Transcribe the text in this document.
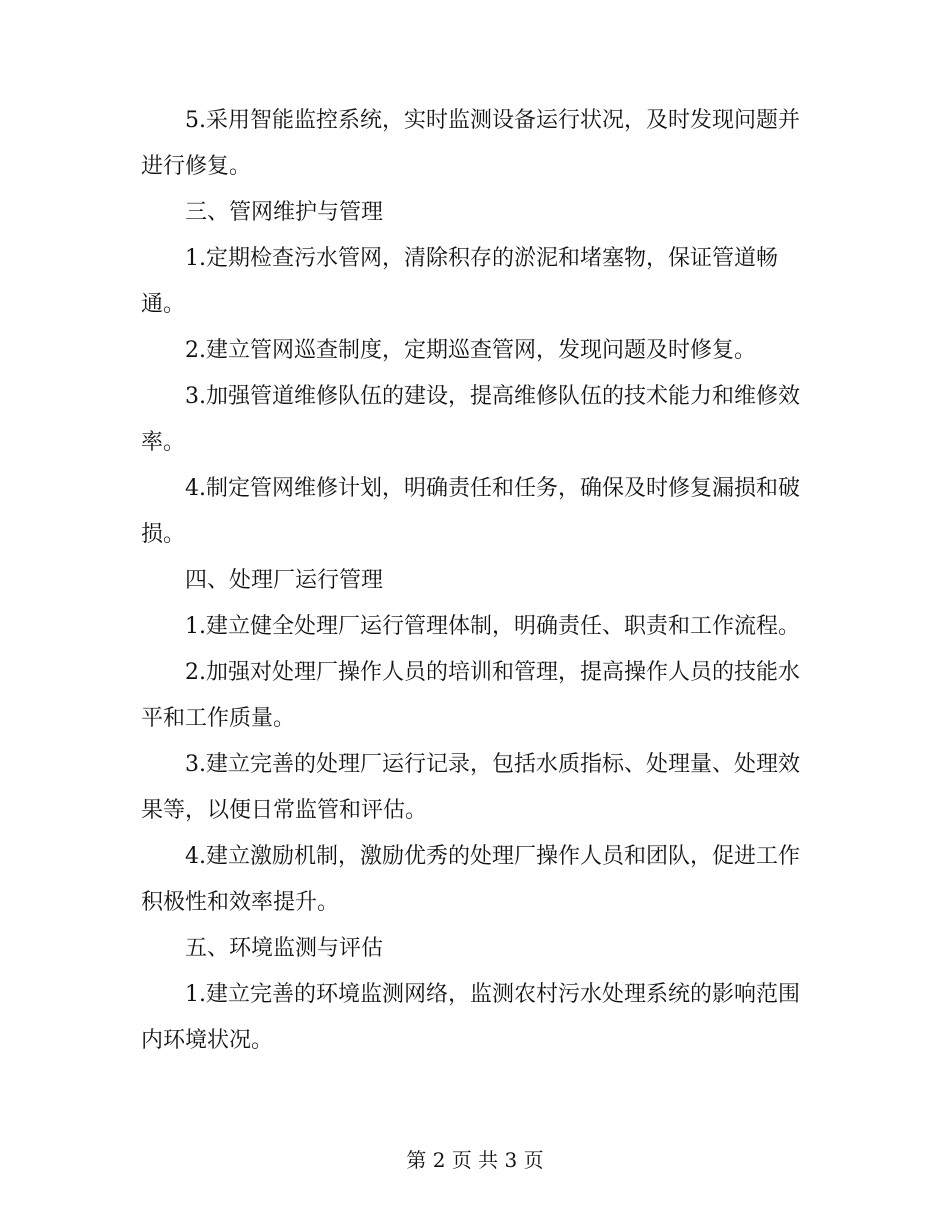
5.采用智能监控系统，实时监测设备运行状况，及时发现问题并进行修复。

三、管网维护与管理

1.定期检查污水管网，清除积存的淤泥和堵塞物，保证管道畅通。

2.建立管网巡查制度，定期巡查管网，发现问题及时修复。

3.加强管道维修队伍的建设，提高维修队伍的技术能力和维修效率。

4.制定管网维修计划，明确责任和任务，确保及时修复漏损和破损。

四、处理厂运行管理

1.建立健全处理厂运行管理体制，明确责任、职责和工作流程。

2.加强对处理厂操作人员的培训和管理，提高操作人员的技能水平和工作质量。

3.建立完善的处理厂运行记录，包括水质指标、处理量、处理效果等，以便日常监管和评估。

4.建立激励机制，激励优秀的处理厂操作人员和团队，促进工作积极性和效率提升。

五、环境监测与评估

1.建立完善的环境监测网络，监测农村污水处理系统的影响范围内环境状况。

第 2 页 共 3 页
